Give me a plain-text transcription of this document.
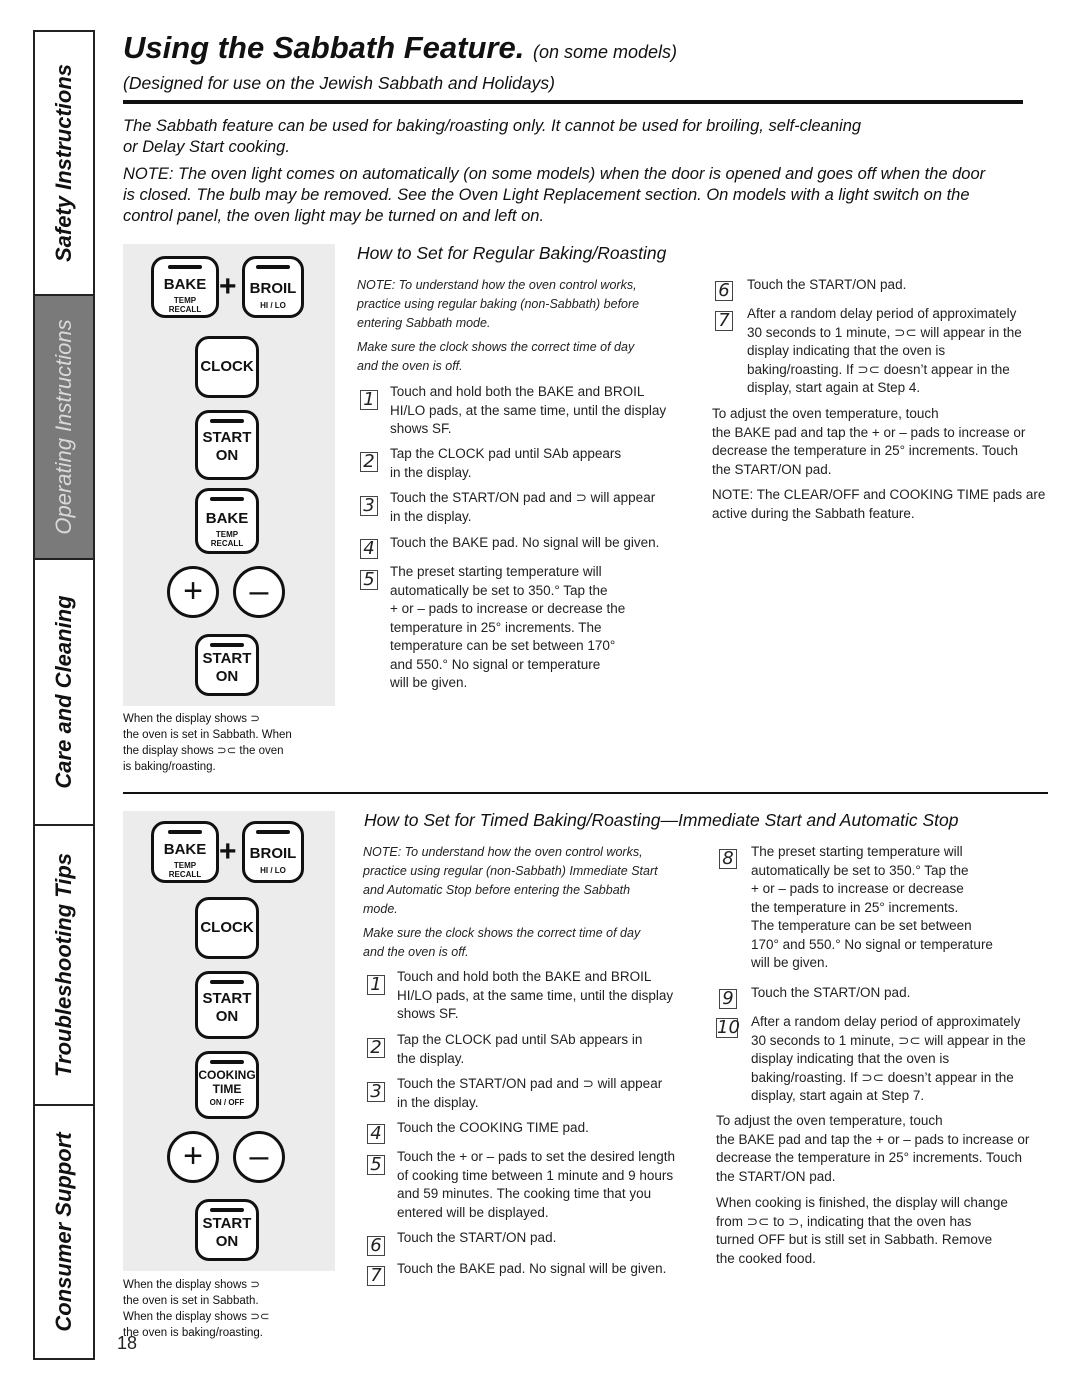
Safety Instructions
Operating Instructions
Care and Cleaning
Troubleshooting Tips
Consumer Support
Using the Sabbath Feature. (on some models)
(Designed for use on the Jewish Sabbath and Holidays)
The Sabbath feature can be used for baking/roasting only. It cannot be used for broiling, self-cleaning
or Delay Start cooking.
NOTE: The oven light comes on automatically (on some models) when the door is opened and goes off when the door
is closed. The bulb may be removed. See the Oven Light Replacement section. On models with a light switch on the
control panel, the oven light may be turned on and left on.
BAKE
TEMP
RECALL
+ BROIL
HI / LO
CLOCK
START
ON
BAKE
TEMP
RECALL
+	–
START
ON
When the display shows ⊃
the oven is set in Sabbath. When
the display shows ⊃⊂ the oven
is baking/roasting.
How to Set for Regular Baking/Roasting
NOTE: To understand how the oven control works,
practice using regular baking (non-Sabbath) before
entering Sabbath mode.
Make sure the clock shows the correct time of day
and the oven is off.
1 Touch and hold both the BAKE and BROIL
HI/LO pads, at the same time, until the display
shows SF.
2 Tap the CLOCK pad until SAb appears
in the display.
3 Touch the START/ON pad and ⊃ will appear
in the display.
4 Touch the BAKE pad. No signal will be given.
5 The preset starting temperature will
automatically be set to 350.° Tap the
+ or – pads to increase or decrease the
temperature in 25° increments. The
temperature can be set between 170°
and 550.° No signal or temperature
will be given.
6 Touch the START/ON pad.
7 After a random delay period of approximately
30 seconds to 1 minute, ⊃⊂ will appear in the
display indicating that the oven is
baking/roasting. If ⊃⊂ doesn’t appear in the
display, start again at Step 4.
To adjust the oven temperature, touch
the BAKE pad and tap the + or – pads to increase or
decrease the temperature in 25° increments. Touch
the START/ON pad.
NOTE: The CLEAR/OFF and COOKING TIME pads are
active during the Sabbath feature.
BAKE
TEMP
RECALL
+ BROIL
HI / LO
CLOCK
START
ON
COOKING
TIME
ON / OFF
+	–
START
ON
When the display shows ⊃
the oven is set in Sabbath.
When the display shows ⊃⊂
the oven is baking/roasting.
How to Set for Timed Baking/Roasting—Immediate Start and Automatic Stop
NOTE: To understand how the oven control works,
practice using regular (non-Sabbath) Immediate Start
and Automatic Stop before entering the Sabbath
mode.
Make sure the clock shows the correct time of day
and the oven is off.
1 Touch and hold both the BAKE and BROIL
HI/LO pads, at the same time, until the display
shows SF.
2 Tap the CLOCK pad until SAb appears in
the display.
3 Touch the START/ON pad and ⊃ will appear
in the display.
4 Touch the COOKING TIME pad.
5 Touch the + or – pads to set the desired length
of cooking time between 1 minute and 9 hours
and 59 minutes. The cooking time that you
entered will be displayed.
6 Touch the START/ON pad.
7 Touch the BAKE pad. No signal will be given.
8 The preset starting temperature will
automatically be set to 350.° Tap the
+ or – pads to increase or decrease
the temperature in 25° increments.
The temperature can be set between
170° and 550.° No signal or temperature
will be given.
9 Touch the START/ON pad.
10 After a random delay period of approximately
30 seconds to 1 minute, ⊃⊂ will appear in the
display indicating that the oven is
baking/roasting. If ⊃⊂ doesn’t appear in the
display, start again at Step 7.
To adjust the oven temperature, touch
the BAKE pad and tap the + or – pads to increase or
decrease the temperature in 25° increments. Touch
the START/ON pad.
When cooking is finished, the display will change
from ⊃⊂ to ⊃, indicating that the oven has
turned OFF but is still set in Sabbath. Remove
the cooked food.
18
